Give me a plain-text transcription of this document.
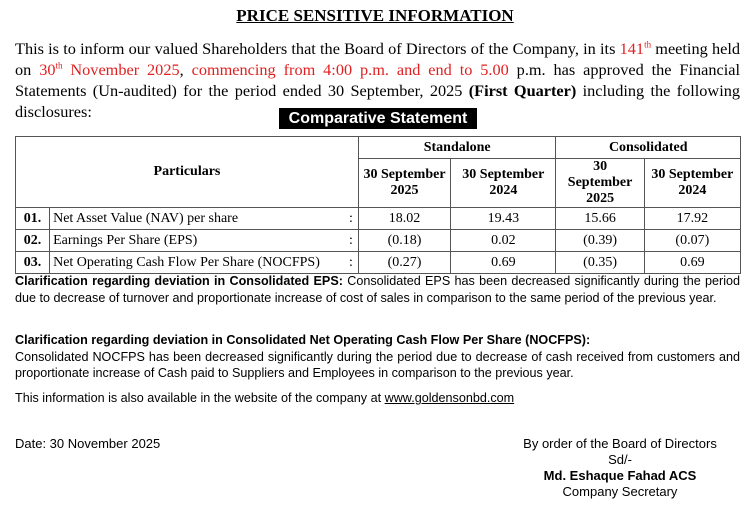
PRICE SENSITIVE INFORMATION
This is to inform our valued Shareholders that the Board of Directors of the Company, in its 141th meeting held on 30th November 2025, commencing from 4:00 p.m. and end to 5.00 p.m. has approved the Financial Statements (Un-audited) for the period ended 30 September, 2025 (First Quarter) including the following disclosures:	Comparative Statement
Particulars			Standalone		Consolidated	
			30 September 2025	30 September 2024	30 September 2025	30 September 2024
01.	Net Asset Value (NAV) per share	:	18.02	19.43	15.66	17.92
02.	Earnings Per Share (EPS)	:	(0.18)	0.02	(0.39)	(0.07)
03.	Net Operating Cash Flow Per Share (NOCFPS)	:	(0.27)	0.69	(0.35)	0.69
Clarification regarding deviation in Consolidated EPS: Consolidated EPS has been decreased significantly during the period due to decrease of turnover and proportionate increase of cost of sales in comparison to the same period of the previous year.
Clarification regarding deviation in Consolidated Net Operating Cash Flow Per Share (NOCFPS):
Consolidated NOCFPS has been decreased significantly during the period due to decrease of cash received from customers and proportionate increase of Cash paid to Suppliers and Employees in comparison to the previous year.
This information is also available in the website of the company at www.goldensonbd.com
Date: 30 November 2025	By order of the Board of Directors
Sd/-
Md. Eshaque Fahad ACS
Company Secretary
